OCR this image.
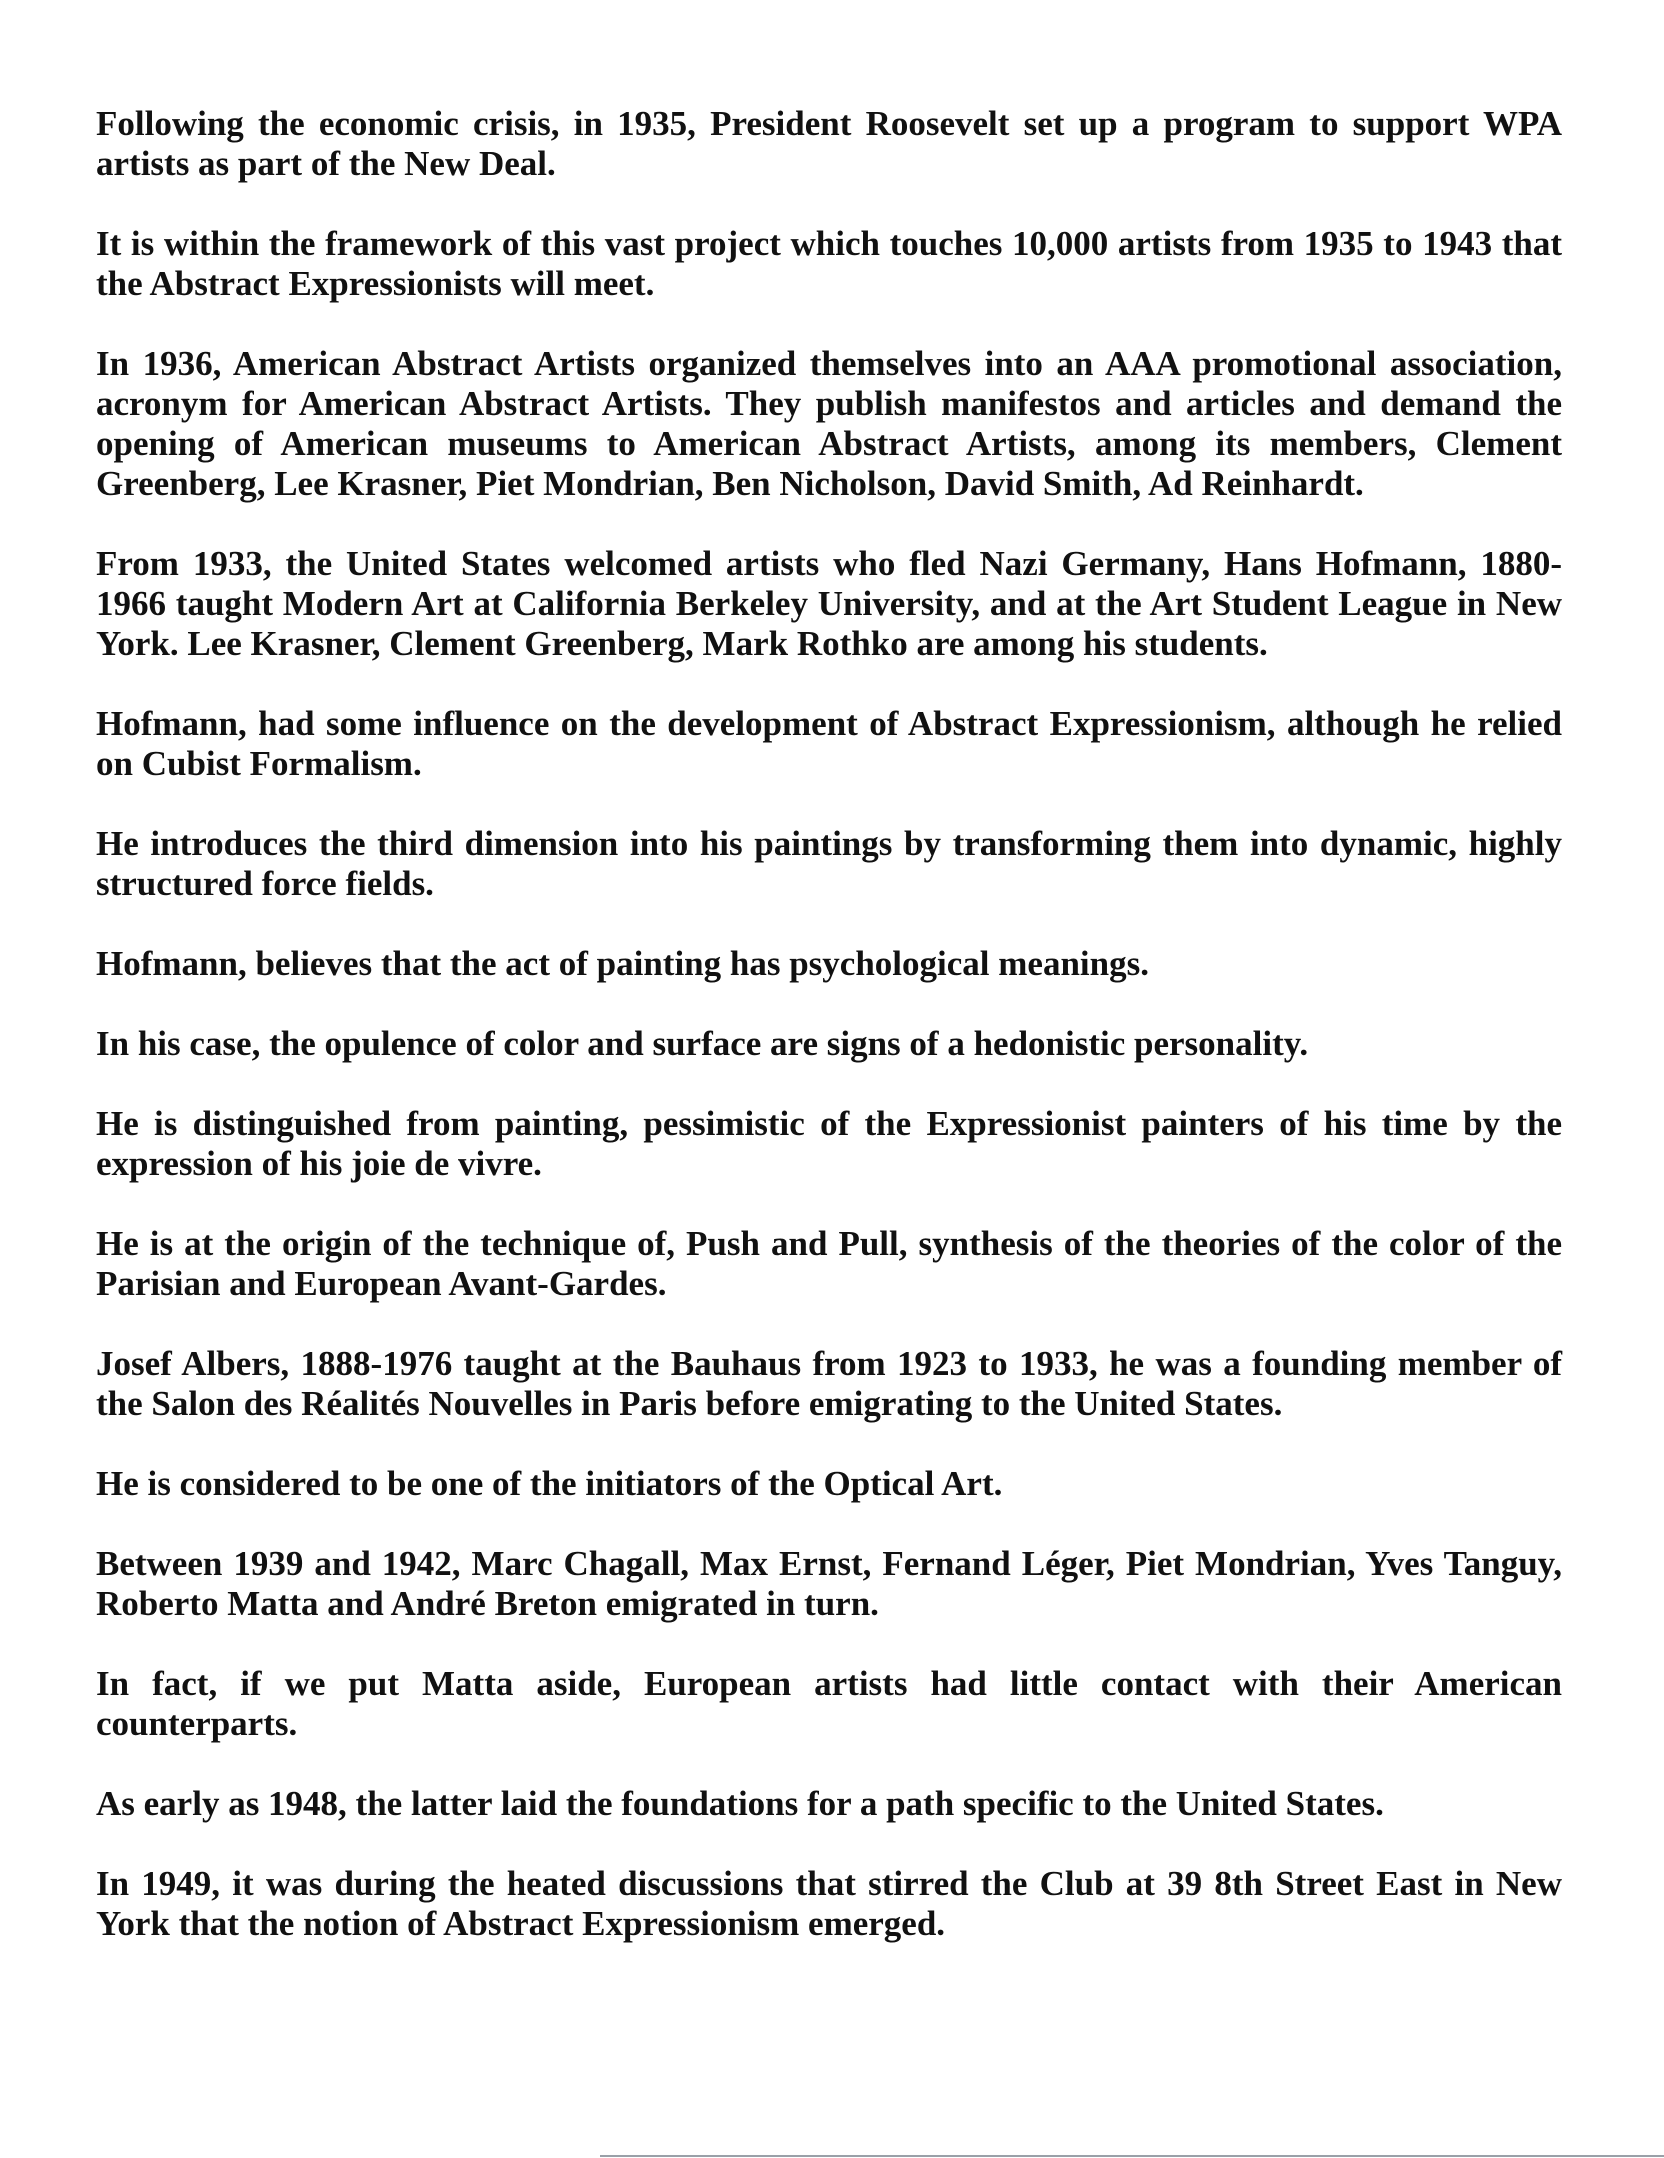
Following the economic crisis, in 1935, President Roosevelt set up a program to support WPA artists as part of the New Deal.

It is within the framework of this vast project which touches 10,000 artists from 1935 to 1943 that the Abstract Expressionists will meet.

In 1936, American Abstract Artists organized themselves into an AAA promotional association, acronym for American Abstract Artists. They publish manifestos and articles and demand the opening of American museums to American Abstract Artists, among its members, Clement Greenberg, Lee Krasner, Piet Mondrian, Ben Nicholson, David Smith, Ad Reinhardt.

From 1933, the United States welcomed artists who fled Nazi Germany, Hans Hofmann, 1880-1966 taught Modern Art at California Berkeley University, and at the Art Student League in New York. Lee Krasner, Clement Greenberg, Mark Rothko are among his students.

Hofmann, had some influence on the development of Abstract Expressionism, although he relied on Cubist Formalism.

He introduces the third dimension into his paintings by transforming them into dynamic, highly structured force fields.

Hofmann, believes that the act of painting has psychological meanings.

In his case, the opulence of color and surface are signs of a hedonistic personality.

He is distinguished from painting, pessimistic of the Expressionist painters of his time by the expression of his joie de vivre.

He is at the origin of the technique of, Push and Pull, synthesis of the theories of the color of the Parisian and European Avant-Gardes.

Josef Albers, 1888-1976 taught at the Bauhaus from 1923 to 1933, he was a founding member of the Salon des Réalités Nouvelles in Paris before emigrating to the United States.

He is considered to be one of the initiators of the Optical Art.

Between 1939 and 1942, Marc Chagall, Max Ernst, Fernand Léger, Piet Mondrian, Yves Tanguy, Roberto Matta and André Breton emigrated in turn.

In fact, if we put Matta aside, European artists had little contact with their American counterparts.

As early as 1948, the latter laid the foundations for a path specific to the United States.

In 1949, it was during the heated discussions that stirred the Club at 39 8th Street East in New York that the notion of Abstract Expressionism emerged.
